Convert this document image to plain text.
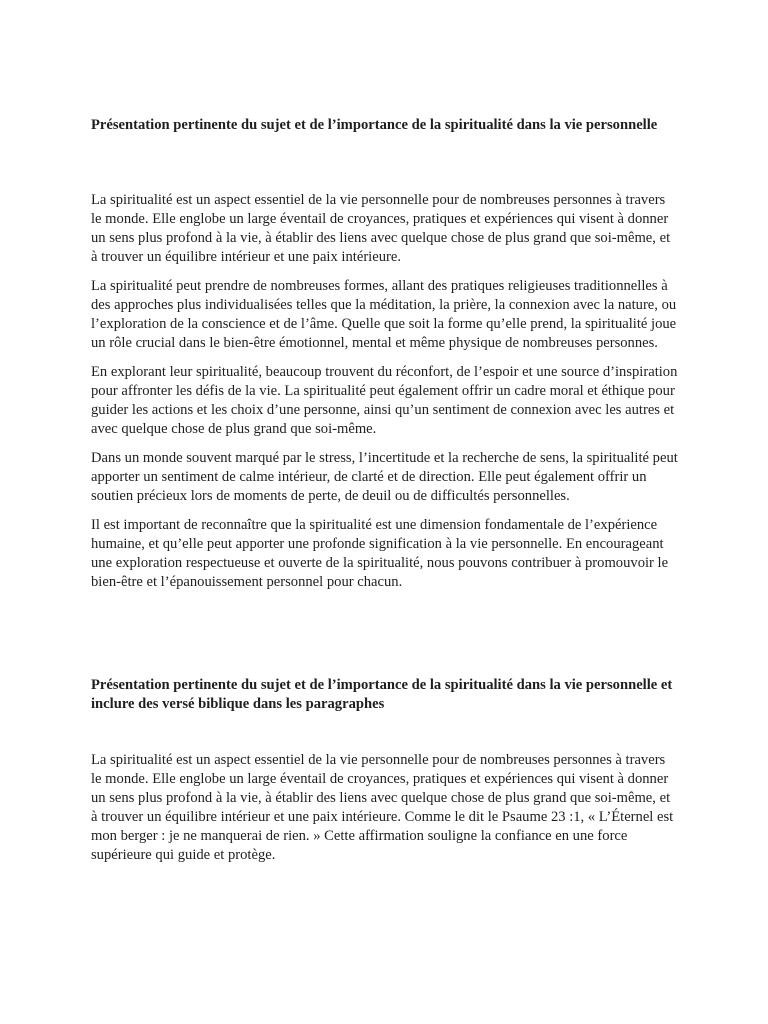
Présentation pertinente du sujet et de l’importance de la spiritualité dans la vie personnelle

La spiritualité est un aspect essentiel de la vie personnelle pour de nombreuses personnes à travers le monde. Elle englobe un large éventail de croyances, pratiques et expériences qui visent à donner un sens plus profond à la vie, à établir des liens avec quelque chose de plus grand que soi-même, et à trouver un équilibre intérieur et une paix intérieure.

La spiritualité peut prendre de nombreuses formes, allant des pratiques religieuses traditionnelles à des approches plus individualisées telles que la méditation, la prière, la connexion avec la nature, ou l’exploration de la conscience et de l’âme. Quelle que soit la forme qu’elle prend, la spiritualité joue un rôle crucial dans le bien-être émotionnel, mental et même physique de nombreuses personnes.

En explorant leur spiritualité, beaucoup trouvent du réconfort, de l’espoir et une source d’inspiration pour affronter les défis de la vie. La spiritualité peut également offrir un cadre moral et éthique pour guider les actions et les choix d’une personne, ainsi qu’un sentiment de connexion avec les autres et avec quelque chose de plus grand que soi-même.

Dans un monde souvent marqué par le stress, l’incertitude et la recherche de sens, la spiritualité peut apporter un sentiment de calme intérieur, de clarté et de direction. Elle peut également offrir un soutien précieux lors de moments de perte, de deuil ou de difficultés personnelles.

Il est important de reconnaître que la spiritualité est une dimension fondamentale de l’expérience humaine, et qu’elle peut apporter une profonde signification à la vie personnelle. En encourageant une exploration respectueuse et ouverte de la spiritualité, nous pouvons contribuer à promouvoir le bien-être et l’épanouissement personnel pour chacun.

Présentation pertinente du sujet et de l’importance de la spiritualité dans la vie personnelle et inclure des versé biblique dans les paragraphes

La spiritualité est un aspect essentiel de la vie personnelle pour de nombreuses personnes à travers le monde. Elle englobe un large éventail de croyances, pratiques et expériences qui visent à donner un sens plus profond à la vie, à établir des liens avec quelque chose de plus grand que soi-même, et à trouver un équilibre intérieur et une paix intérieure. Comme le dit le Psaume 23 :1, « L’Éternel est mon berger : je ne manquerai de rien. » Cette affirmation souligne la confiance en une force supérieure qui guide et protège.
